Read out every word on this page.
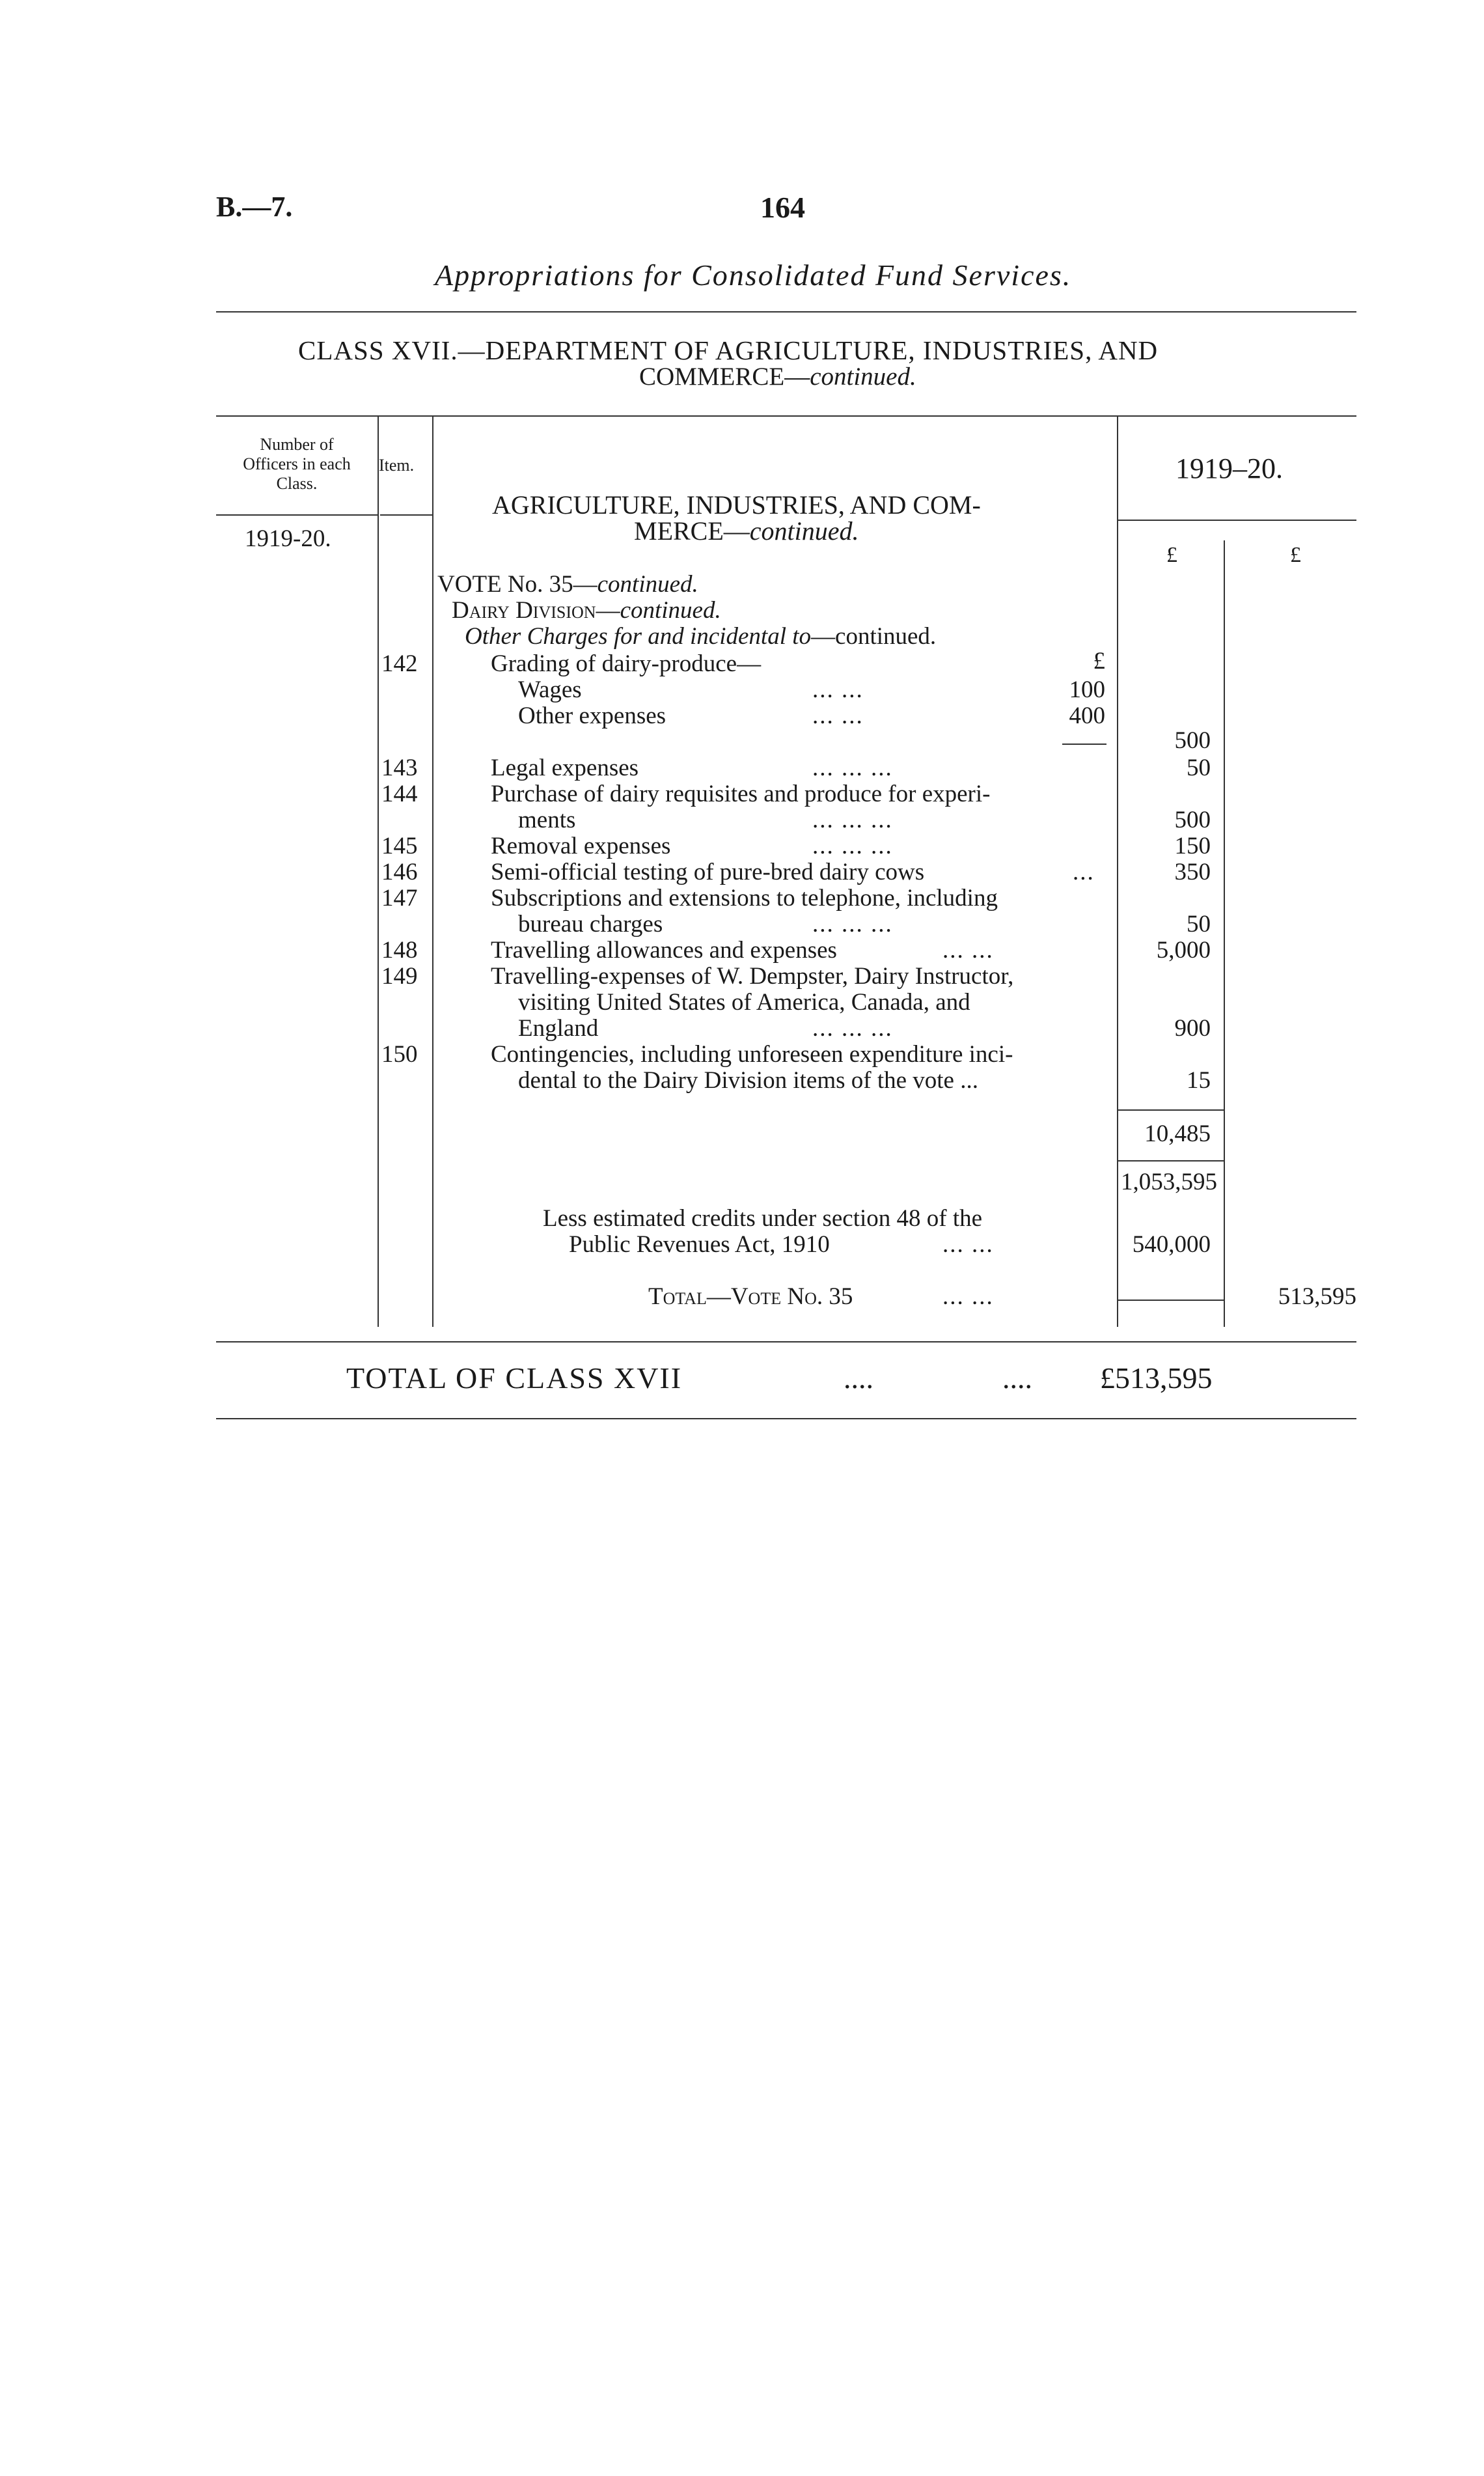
B.—7.	164
Appropriations for Consolidated Fund Services.
CLASS XVII.—DEPARTMENT OF AGRICULTURE, INDUSTRIES, AND
COMMERCE—continued.
Number of
Officers in each
Class.
Item.
1919-20.
1919–20.
£	£
AGRICULTURE, INDUSTRIES, AND COM-
MERCE—continued.
VOTE No. 35—continued.
Dairy Division—continued.
Other Charges for and incidental to—continued.
142	Grading of dairy-produce—	£
Wages	... ...	100
Other expenses	... ...	400
500
143	Legal expenses	... ... ...	50
144	Purchase of dairy requisites and produce for experi-
ments	... ... ...	500
145	Removal expenses	... ... ...	150
146	Semi-official testing of pure-bred dairy cows	...	350
147	Subscriptions and extensions to telephone, including
bureau charges	... ... ...	50
148	Travelling allowances and expenses	... ...	5,000
149	Travelling-expenses of W. Dempster, Dairy Instructor,
visiting United States of America, Canada, and
England	... ... ...	900
150	Contingencies, including unforeseen expenditure inci-
dental to the Dairy Division items of the vote ...	15
10,485
1,053,595
Less estimated credits under section 48 of the
Public Revenues Act, 1910	... ...	540,000
Total—Vote No. 35	... ...	513,595
TOTAL OF CLASS XVII	....	.... £513,595
